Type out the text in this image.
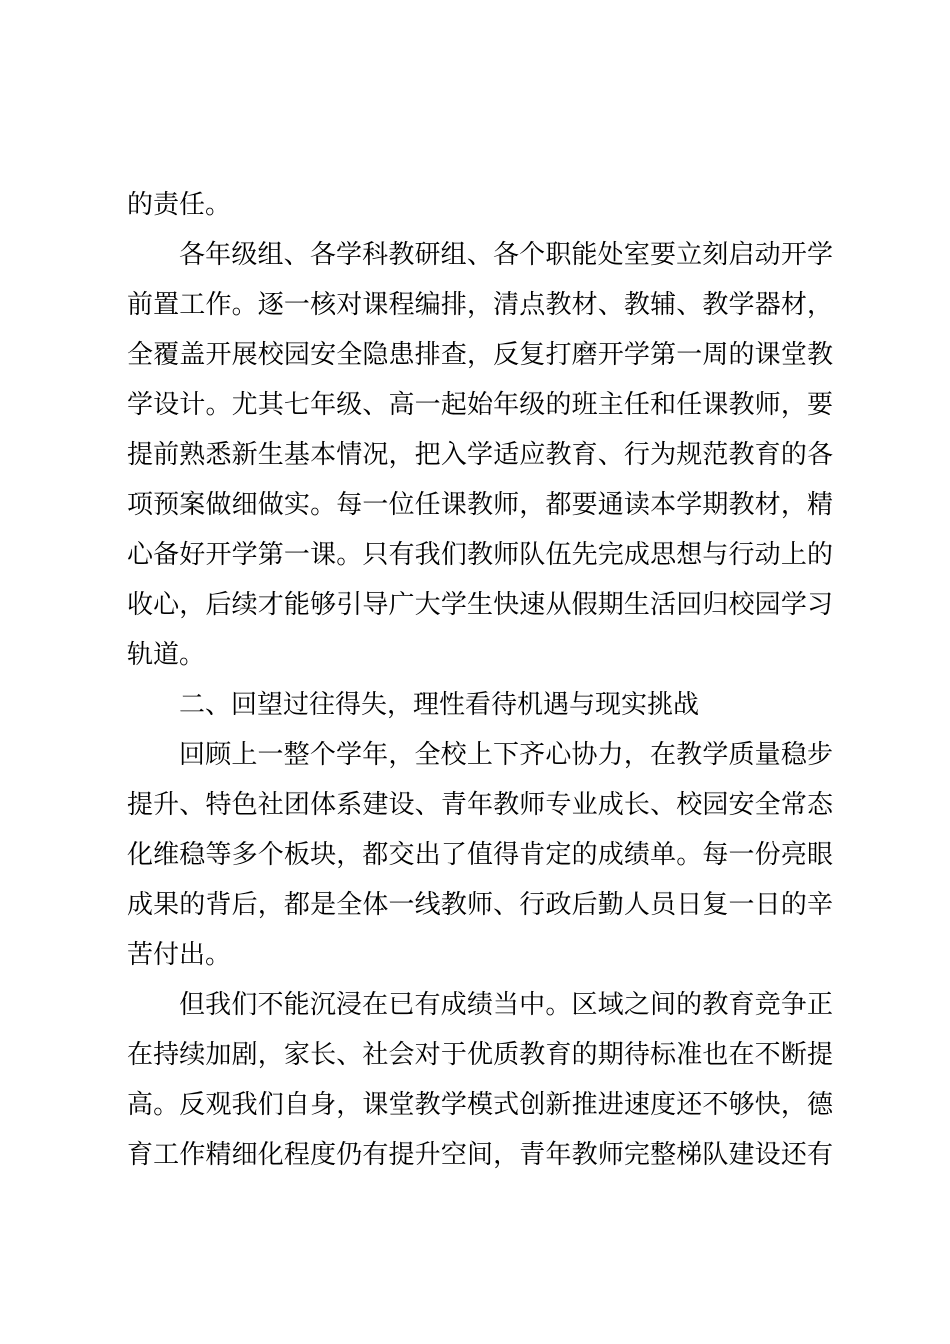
的责任。
各年级组、各学科教研组、各个职能处室要立刻启动开学
前置工作。逐一核对课程编排，清点教材、教辅、教学器材，
全覆盖开展校园安全隐患排查，反复打磨开学第一周的课堂教
学设计。尤其七年级、高一起始年级的班主任和任课教师，要
提前熟悉新生基本情况，把入学适应教育、行为规范教育的各
项预案做细做实。每一位任课教师，都要通读本学期教材，精
心备好开学第一课。只有我们教师队伍先完成思想与行动上的
收心，后续才能够引导广大学生快速从假期生活回归校园学习
轨道。
二、回望过往得失，理性看待机遇与现实挑战
回顾上一整个学年，全校上下齐心协力，在教学质量稳步
提升、特色社团体系建设、青年教师专业成长、校园安全常态
化维稳等多个板块，都交出了值得肯定的成绩单。每一份亮眼
成果的背后，都是全体一线教师、行政后勤人员日复一日的辛
苦付出。
但我们不能沉浸在已有成绩当中。区域之间的教育竞争正
在持续加剧，家长、社会对于优质教育的期待标准也在不断提
高。反观我们自身，课堂教学模式创新推进速度还不够快，德
育工作精细化程度仍有提升空间，青年教师完整梯队建设还有
